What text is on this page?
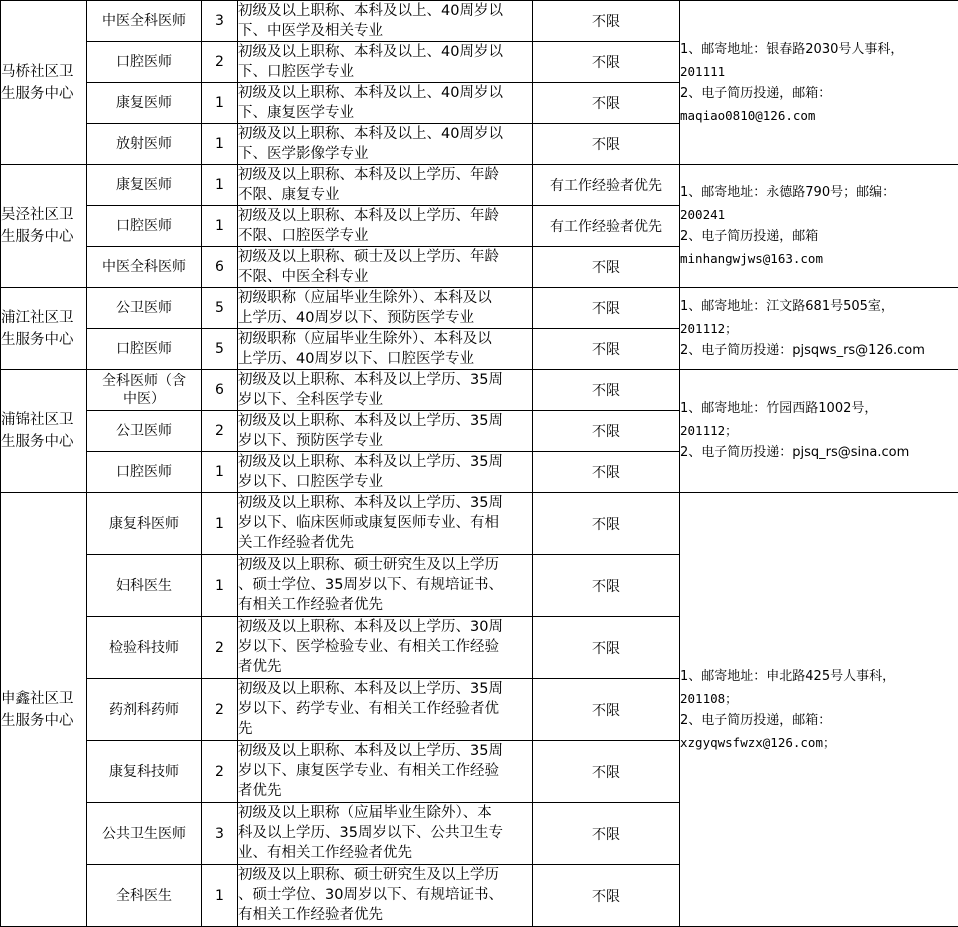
马桥社区卫
生服务中心	中医全科医师	3	初级及以上职称、本科及以上、40周岁以
下、中医学及相关专业	不限	1、邮寄地址：银春路2030号人事科，
201111
2、电子简历投递，邮箱：
maqiao0810@126.com

	口腔医师	2	初级及以上职称、本科及以上、40周岁以
下、口腔医学专业	不限	
	康复医师	1	初级及以上职称、本科及以上、40周岁以
下、康复医学专业	不限	
	放射医师	1	初级及以上职称、本科及以上、40周岁以
下、医学影像学专业	不限	

吴泾社区卫
生服务中心	康复医师	1	初级及以上职称、本科及以上学历、年龄
不限、康复专业	有工作经验者优先	1、邮寄地址：永德路790号；邮编：
200241
2、电子简历投递，邮箱
minhangwjws@163.com

	口腔医师	1	初级及以上职称、本科及以上学历、年龄
不限、口腔医学专业	有工作经验者优先	
	中医全科医师	6	初级及以上职称、硕士及以上学历、年龄
不限、中医全科专业	不限	

浦江社区卫
生服务中心	公卫医师	5	初级职称（应届毕业生除外）、本科及以
上学历、40周岁以下、预防医学专业	不限	1、邮寄地址：江文路681号505室，
201112；
2、电子简历投递：pjsqws_rs@126.com

	口腔医师	5	初级职称（应届毕业生除外）、本科及以
上学历、40周岁以下、口腔医学专业	不限	

浦锦社区卫
生服务中心	全科医师（含
中医）	6	初级及以上职称、本科及以上学历、35周
岁以下、全科医学专业	不限	1、邮寄地址：竹园西路1002号，
201112；
2、电子简历投递：pjsq_rs@sina.com

	公卫医师	2	初级及以上职称、本科及以上学历、35周
岁以下、预防医学专业	不限	
	口腔医师	1	初级及以上职称、本科及以上学历、35周
岁以下、口腔医学专业	不限	

申鑫社区卫
生服务中心	康复科医师	1	初级及以上职称、本科及以上学历、35周
岁以下、临床医师或康复医师专业、有相
关工作经验者优先	不限	1、邮寄地址：申北路425号人事科，
201108；
2、电子简历投递，邮箱：
xzgyqwsfwzx@126.com；

	妇科医生	1	初级及以上职称、硕士研究生及以上学历
、硕士学位、35周岁以下、有规培证书、
有相关工作经验者优先	不限	
	检验科技师	2	初级及以上职称、本科及以上学历、30周
岁以下、医学检验专业、有相关工作经验
者优先	不限	
	药剂科药师	2	初级及以上职称、本科及以上学历、35周
岁以下、药学专业、有相关工作经验者优
先	不限	
	康复科技师	2	初级及以上职称、本科及以上学历、35周
岁以下、康复医学专业、有相关工作经验
者优先	不限	
	公共卫生医师	3	初级及以上职称（应届毕业生除外）、本
科及以上学历、35周岁以下、公共卫生专
业、有相关工作经验者优先	不限	
	全科医生	1	初级及以上职称、硕士研究生及以上学历
、硕士学位、30周岁以下、有规培证书、
有相关工作经验者优先	不限	
